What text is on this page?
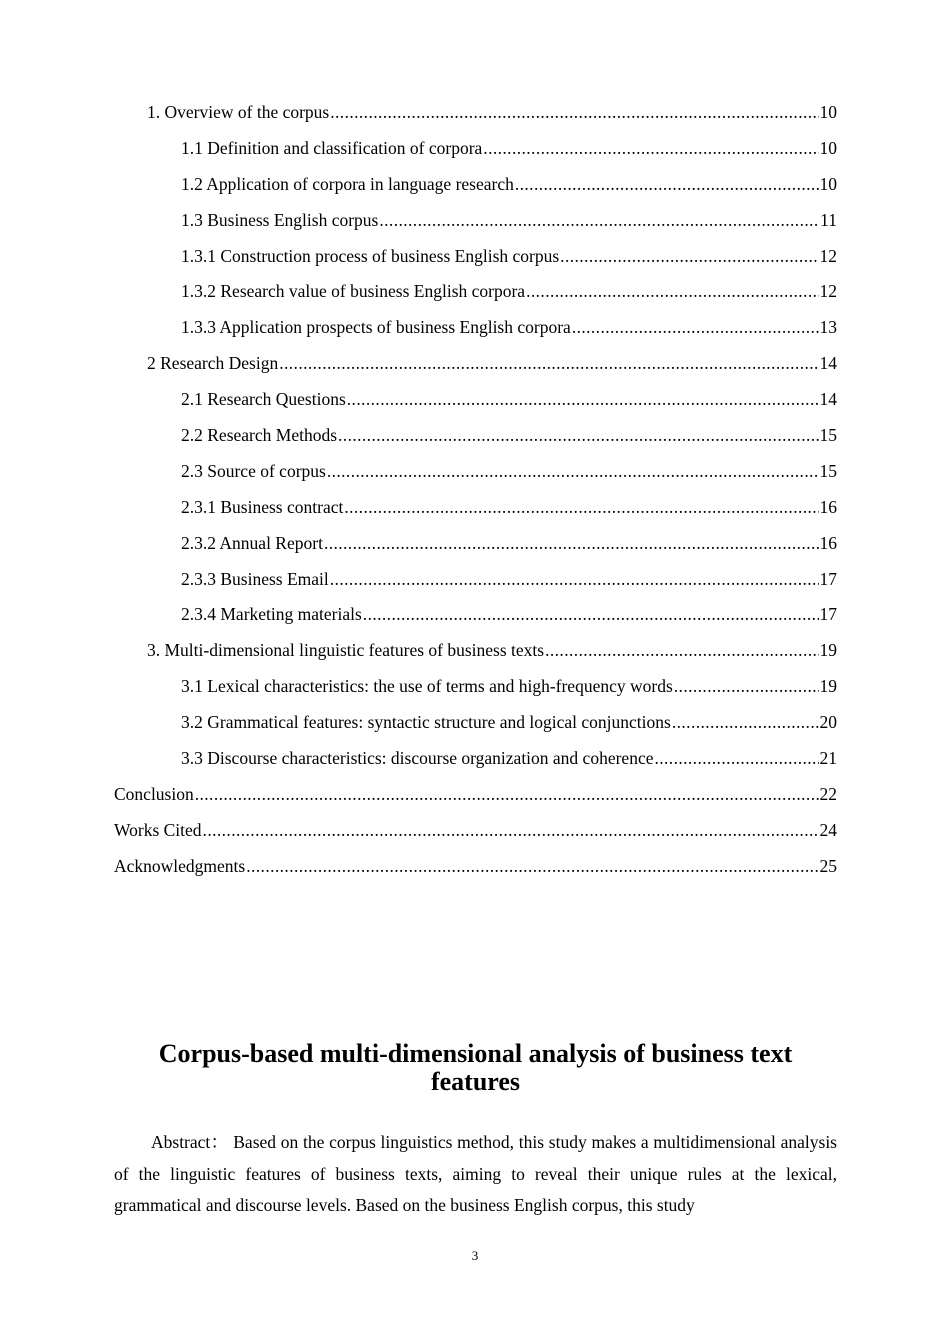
1. Overview of the corpus .....	10
1.1 Definition and classification of corpora .....	10
1.2 Application of corpora in language research .....	10
1.3 Business English corpus .....	11
1.3.1 Construction process of business English corpus .....	12
1.3.2 Research value of business English corpora .....	12
1.3.3 Application prospects of business English corpora .....	13
2 Research Design .....	14
2.1 Research Questions .....	14
2.2 Research Methods .....	15
2.3 Source of corpus .....	15
2.3.1 Business contract .....	16
2.3.2 Annual Report .....	16
2.3.3 Business Email .....	17
2.3.4 Marketing materials .....	17
3. Multi-dimensional linguistic features of business texts .....	19
3.1 Lexical characteristics: the use of terms and high-frequency words .....	19
3.2 Grammatical features: syntactic structure and logical conjunctions .....	20
3.3 Discourse characteristics: discourse organization and coherence .....	21
Conclusion .....	22
Works Cited .....	24
Acknowledgments .....	25
Corpus-based multi-dimensional analysis of business text features
Abstract： Based on the corpus linguistics method, this study makes a multidimensional analysis of the linguistic features of business texts, aiming to reveal their unique rules at the lexical, grammatical and discourse levels. Based on the business English corpus, this study
3
